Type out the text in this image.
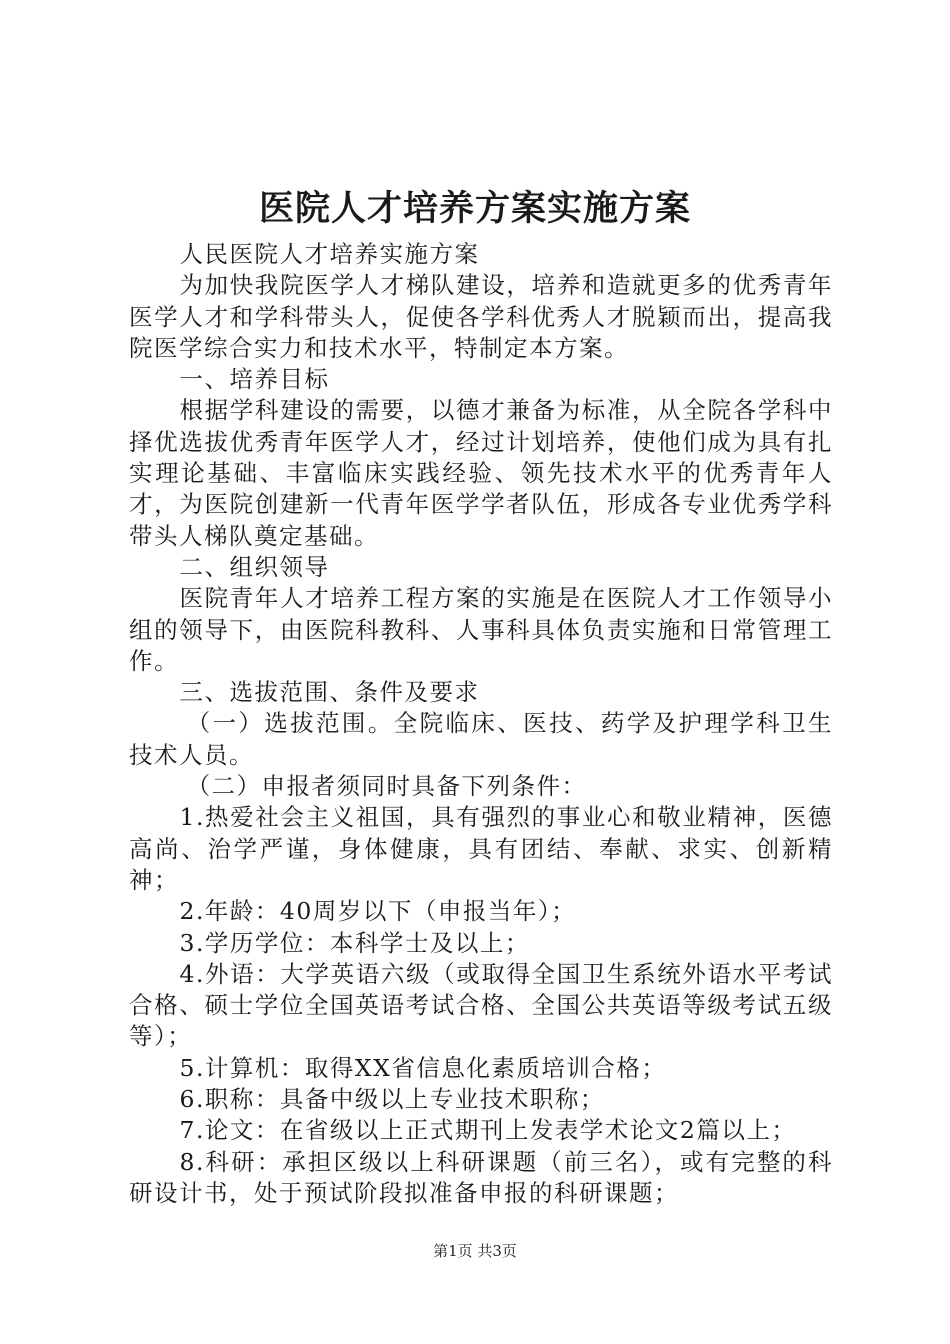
医院人才培养方案实施方案

人民医院人才培养实施方案

为加快我院医学人才梯队建设，培养和造就更多的优秀青年医学人才和学科带头人，促使各学科优秀人才脱颖而出，提高我院医学综合实力和技术水平，特制定本方案。

一、培养目标

根据学科建设的需要，以德才兼备为标准，从全院各学科中择优选拔优秀青年医学人才，经过计划培养，使他们成为具有扎实理论基础、丰富临床实践经验、领先技术水平的优秀青年人才，为医院创建新一代青年医学学者队伍，形成各专业优秀学科带头人梯队奠定基础。

二、组织领导

医院青年人才培养工程方案的实施是在医院人才工作领导小组的领导下，由医院科教科、人事科具体负责实施和日常管理工作。

三、选拔范围、条件及要求

（一）选拔范围。全院临床、医技、药学及护理学科卫生技术人员。

（二）申报者须同时具备下列条件：

1.热爱社会主义祖国，具有强烈的事业心和敬业精神，医德高尚、治学严谨，身体健康，具有团结、奉献、求实、创新精神；

2.年龄：40周岁以下（申报当年）；

3.学历学位：本科学士及以上；

4.外语：大学英语六级（或取得全国卫生系统外语水平考试合格、硕士学位全国英语考试合格、全国公共英语等级考试五级等）；

5.计算机：取得XX省信息化素质培训合格；

6.职称：具备中级以上专业技术职称；

7.论文：在省级以上正式期刊上发表学术论文2篇以上；

8.科研：承担区级以上科研课题（前三名），或有完整的科研设计书，处于预试阶段拟准备申报的科研课题；

第1页 共3页
